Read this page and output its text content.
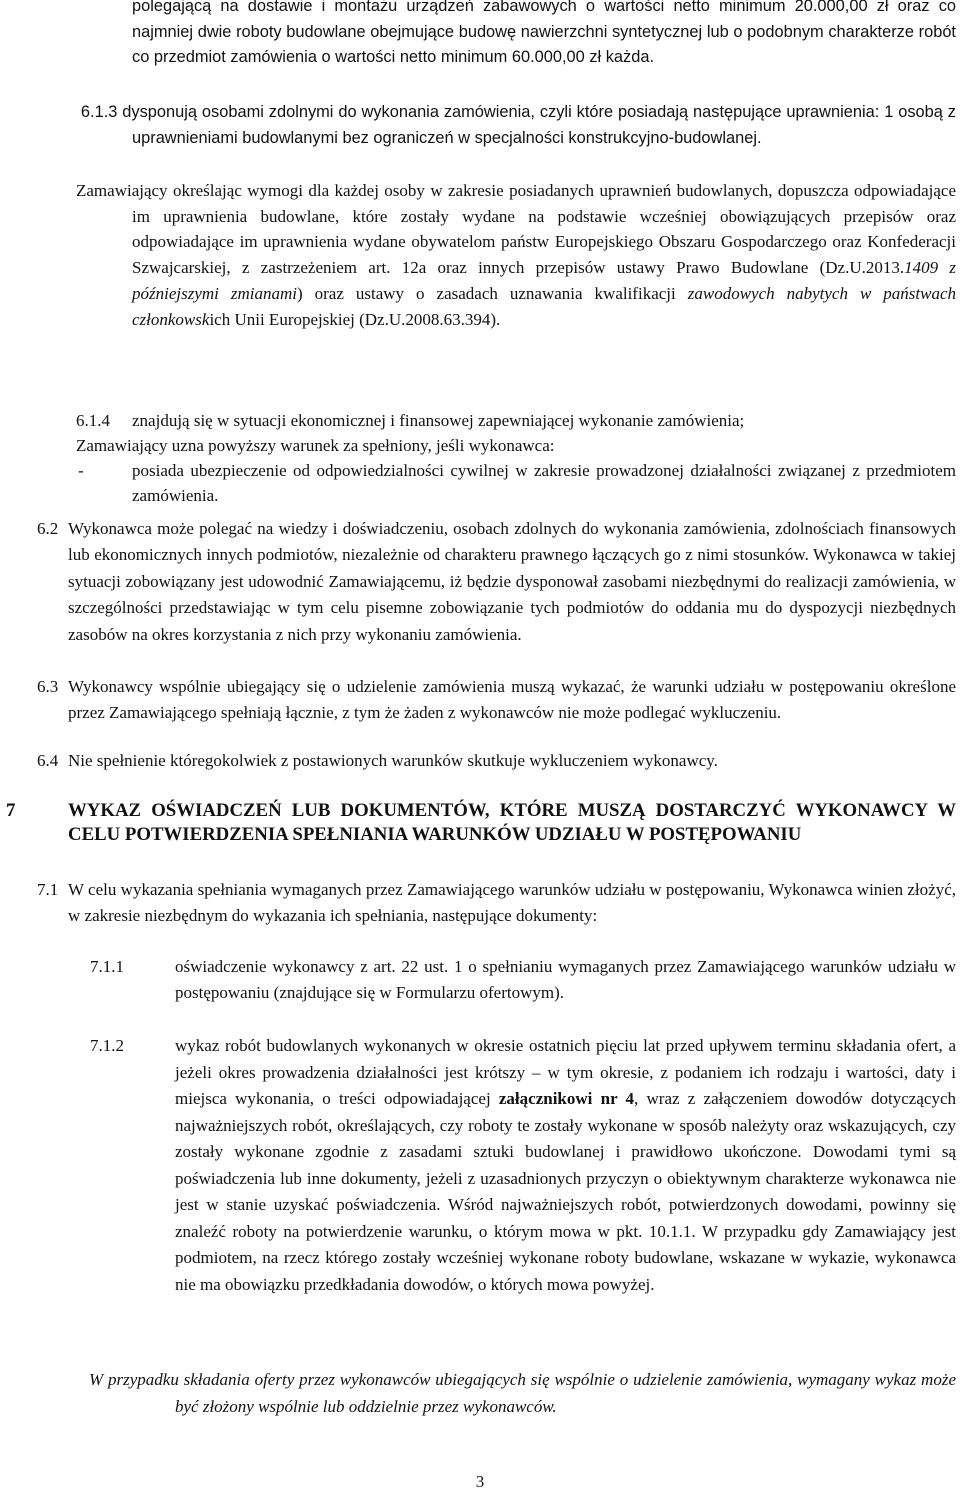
polegającą na dostawie i montażu urządzeń zabawowych o wartości netto minimum 20.000,00 zł oraz co najmniej dwie roboty budowlane obejmujące budowę nawierzchni syntetycznej lub o podobnym charakterze robót co przedmiot zamówienia o wartości netto minimum 60.000,00 zł każda.

6.1.3 dysponują osobami zdolnymi do wykonania zamówienia, czyli które posiadają następujące uprawnienia: 1 osobą z uprawnieniami budowlanymi bez ograniczeń w specjalności konstrukcyjno-budowlanej.

Zamawiający określając wymogi dla każdej osoby w zakresie posiadanych uprawnień budowlanych, dopuszcza odpowiadające im uprawnienia budowlane, które zostały wydane na podstawie wcześniej obowiązujących przepisów oraz odpowiadające im uprawnienia wydane obywatelom państw Europejskiego Obszaru Gospodarczego oraz Konfederacji Szwajcarskiej, z zastrzeżeniem art. 12a oraz innych przepisów ustawy Prawo Budowlane (Dz.U.2013.1409 z późniejszymi zmianami) oraz ustawy o zasadach uznawania kwalifikacji zawodowych nabytych w państwach członkowskich Unii Europejskiej (Dz.U.2008.63.394).

6.1.4 znajdują się w sytuacji ekonomicznej i finansowej zapewniającej wykonanie zamówienia;

Zamawiający uzna powyższy warunek za spełniony, jeśli wykonawca:

-	posiada ubezpieczenie od odpowiedzialności cywilnej w zakresie prowadzonej działalności związanej z przedmiotem zamówienia.

6.2 Wykonawca może polegać na wiedzy i doświadczeniu, osobach zdolnych do wykonania zamówienia, zdolnościach finansowych lub ekonomicznych innych podmiotów, niezależnie od charakteru prawnego łączących go z nimi stosunków. Wykonawca w takiej sytuacji zobowiązany jest udowodnić Zamawiającemu, iż będzie dysponował zasobami niezbędnymi do realizacji zamówienia, w szczególności przedstawiając w tym celu pisemne zobowiązanie tych podmiotów do oddania mu do dyspozycji niezbędnych zasobów na okres korzystania z nich przy wykonaniu zamówienia.

6.3 Wykonawcy wspólnie ubiegający się o udzielenie zamówienia muszą wykazać, że warunki udziału w postępowaniu określone przez Zamawiającego spełniają łącznie, z tym że żaden z wykonawców nie może podlegać wykluczeniu.

6.4 Nie spełnienie któregokolwiek z postawionych warunków skutkuje wykluczeniem wykonawcy.

7	WYKAZ OŚWIADCZEŃ LUB DOKUMENTÓW, KTÓRE MUSZĄ DOSTARCZYĆ WYKONAWCY W CELU POTWIERDZENIA SPEŁNIANIA WARUNKÓW UDZIAŁU W POSTĘPOWANIU

7.1 W celu wykazania spełniania wymaganych przez Zamawiającego warunków udziału w postępowaniu, Wykonawca winien złożyć, w zakresie niezbędnym do wykazania ich spełniania, następujące dokumenty:

7.1.1	oświadczenie wykonawcy z art. 22 ust. 1 o spełnianiu wymaganych przez Zamawiającego warunków udziału w postępowaniu (znajdujące się w Formularzu ofertowym).

7.1.2	wykaz robót budowlanych wykonanych w okresie ostatnich pięciu lat przed upływem terminu składania ofert, a jeżeli okres prowadzenia działalności jest krótszy – w tym okresie, z podaniem ich rodzaju i wartości, daty i miejsca wykonania, o treści odpowiadającej załącznikowi nr 4, wraz z załączeniem dowodów dotyczących najważniejszych robót, określających, czy roboty te zostały wykonane w sposób należyty oraz wskazujących, czy zostały wykonane zgodnie z zasadami sztuki budowlanej i prawidłowo ukończone. Dowodami tymi są poświadczenia lub inne dokumenty, jeżeli z uzasadnionych przyczyn o obiektywnym charakterze wykonawca nie jest w stanie uzyskać poświadczenia. Wśród najważniejszych robót, potwierdzonych dowodami, powinny się znaleźć roboty na potwierdzenie warunku, o którym mowa w pkt. 10.1.1. W przypadku gdy Zamawiający jest podmiotem, na rzecz którego zostały wcześniej wykonane roboty budowlane, wskazane w wykazie, wykonawca nie ma obowiązku przedkładania dowodów, o których mowa powyżej.

W przypadku składania oferty przez wykonawców ubiegających się wspólnie o udzielenie zamówienia, wymagany wykaz może być złożony wspólnie lub oddzielnie przez wykonawców.

3
